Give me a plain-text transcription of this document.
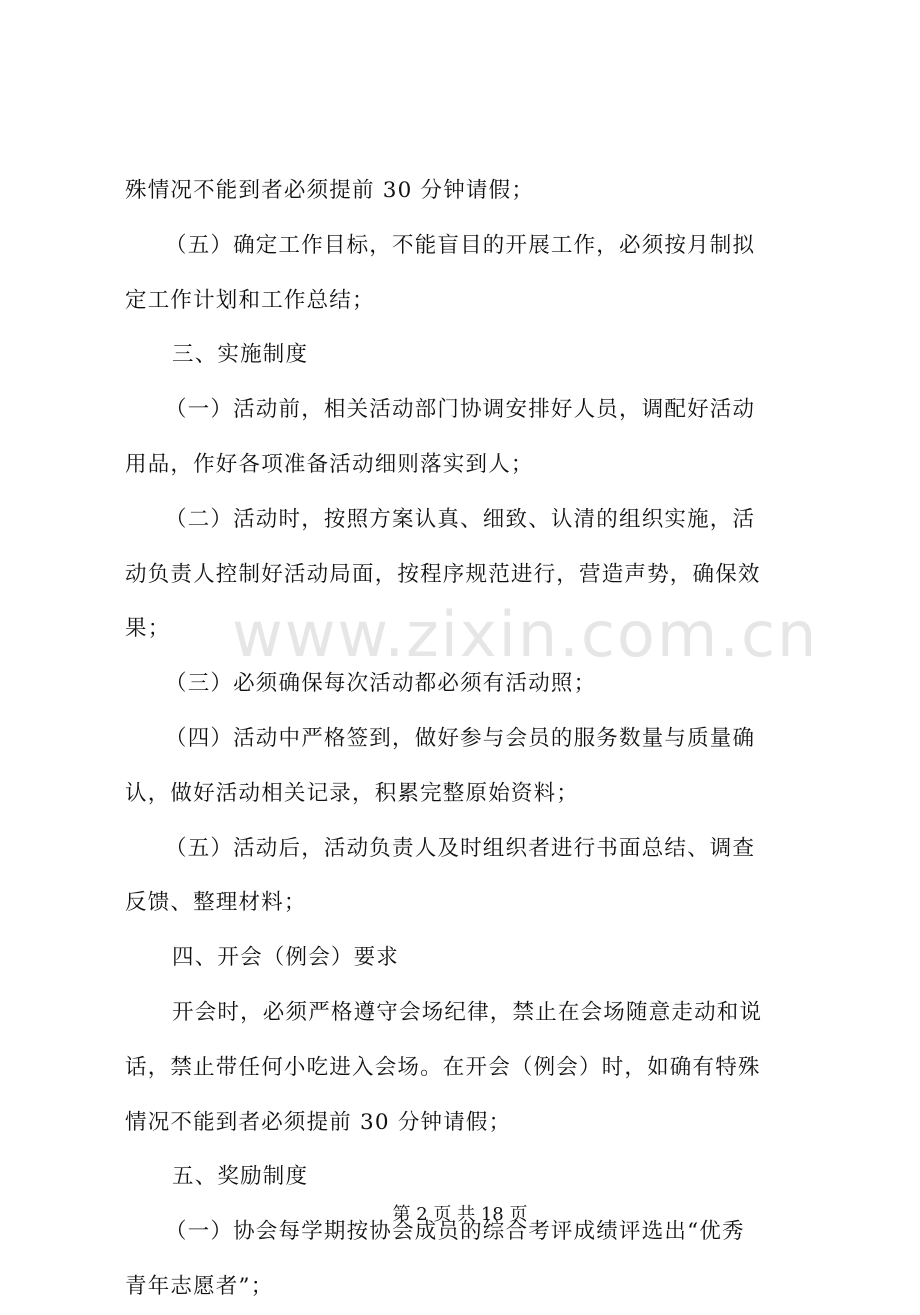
殊情况不能到者必须提前 30 分钟请假；
（五）确定工作目标，不能盲目的开展工作，必须按月制拟
定工作计划和工作总结；
三、实施制度
（一）活动前，相关活动部门协调安排好人员，调配好活动
用品，作好各项准备活动细则落实到人；
（二）活动时，按照方案认真、细致、认清的组织实施，活
动负责人控制好活动局面，按程序规范进行，营造声势，确保效
果；
（三）必须确保每次活动都必须有活动照；
（四）活动中严格签到，做好参与会员的服务数量与质量确
认，做好活动相关记录，积累完整原始资料；
（五）活动后，活动负责人及时组织者进行书面总结、调查
反馈、整理材料；
四、开会（例会）要求
开会时，必须严格遵守会场纪律，禁止在会场随意走动和说
话，禁止带任何小吃进入会场。在开会（例会）时，如确有特殊
情况不能到者必须提前 30 分钟请假；
五、奖励制度
（一）协会每学期按协会成员的综合考评成绩评选出“优秀
青年志愿者”；
www.zixin.com.cn
第 2 页 共 18 页
